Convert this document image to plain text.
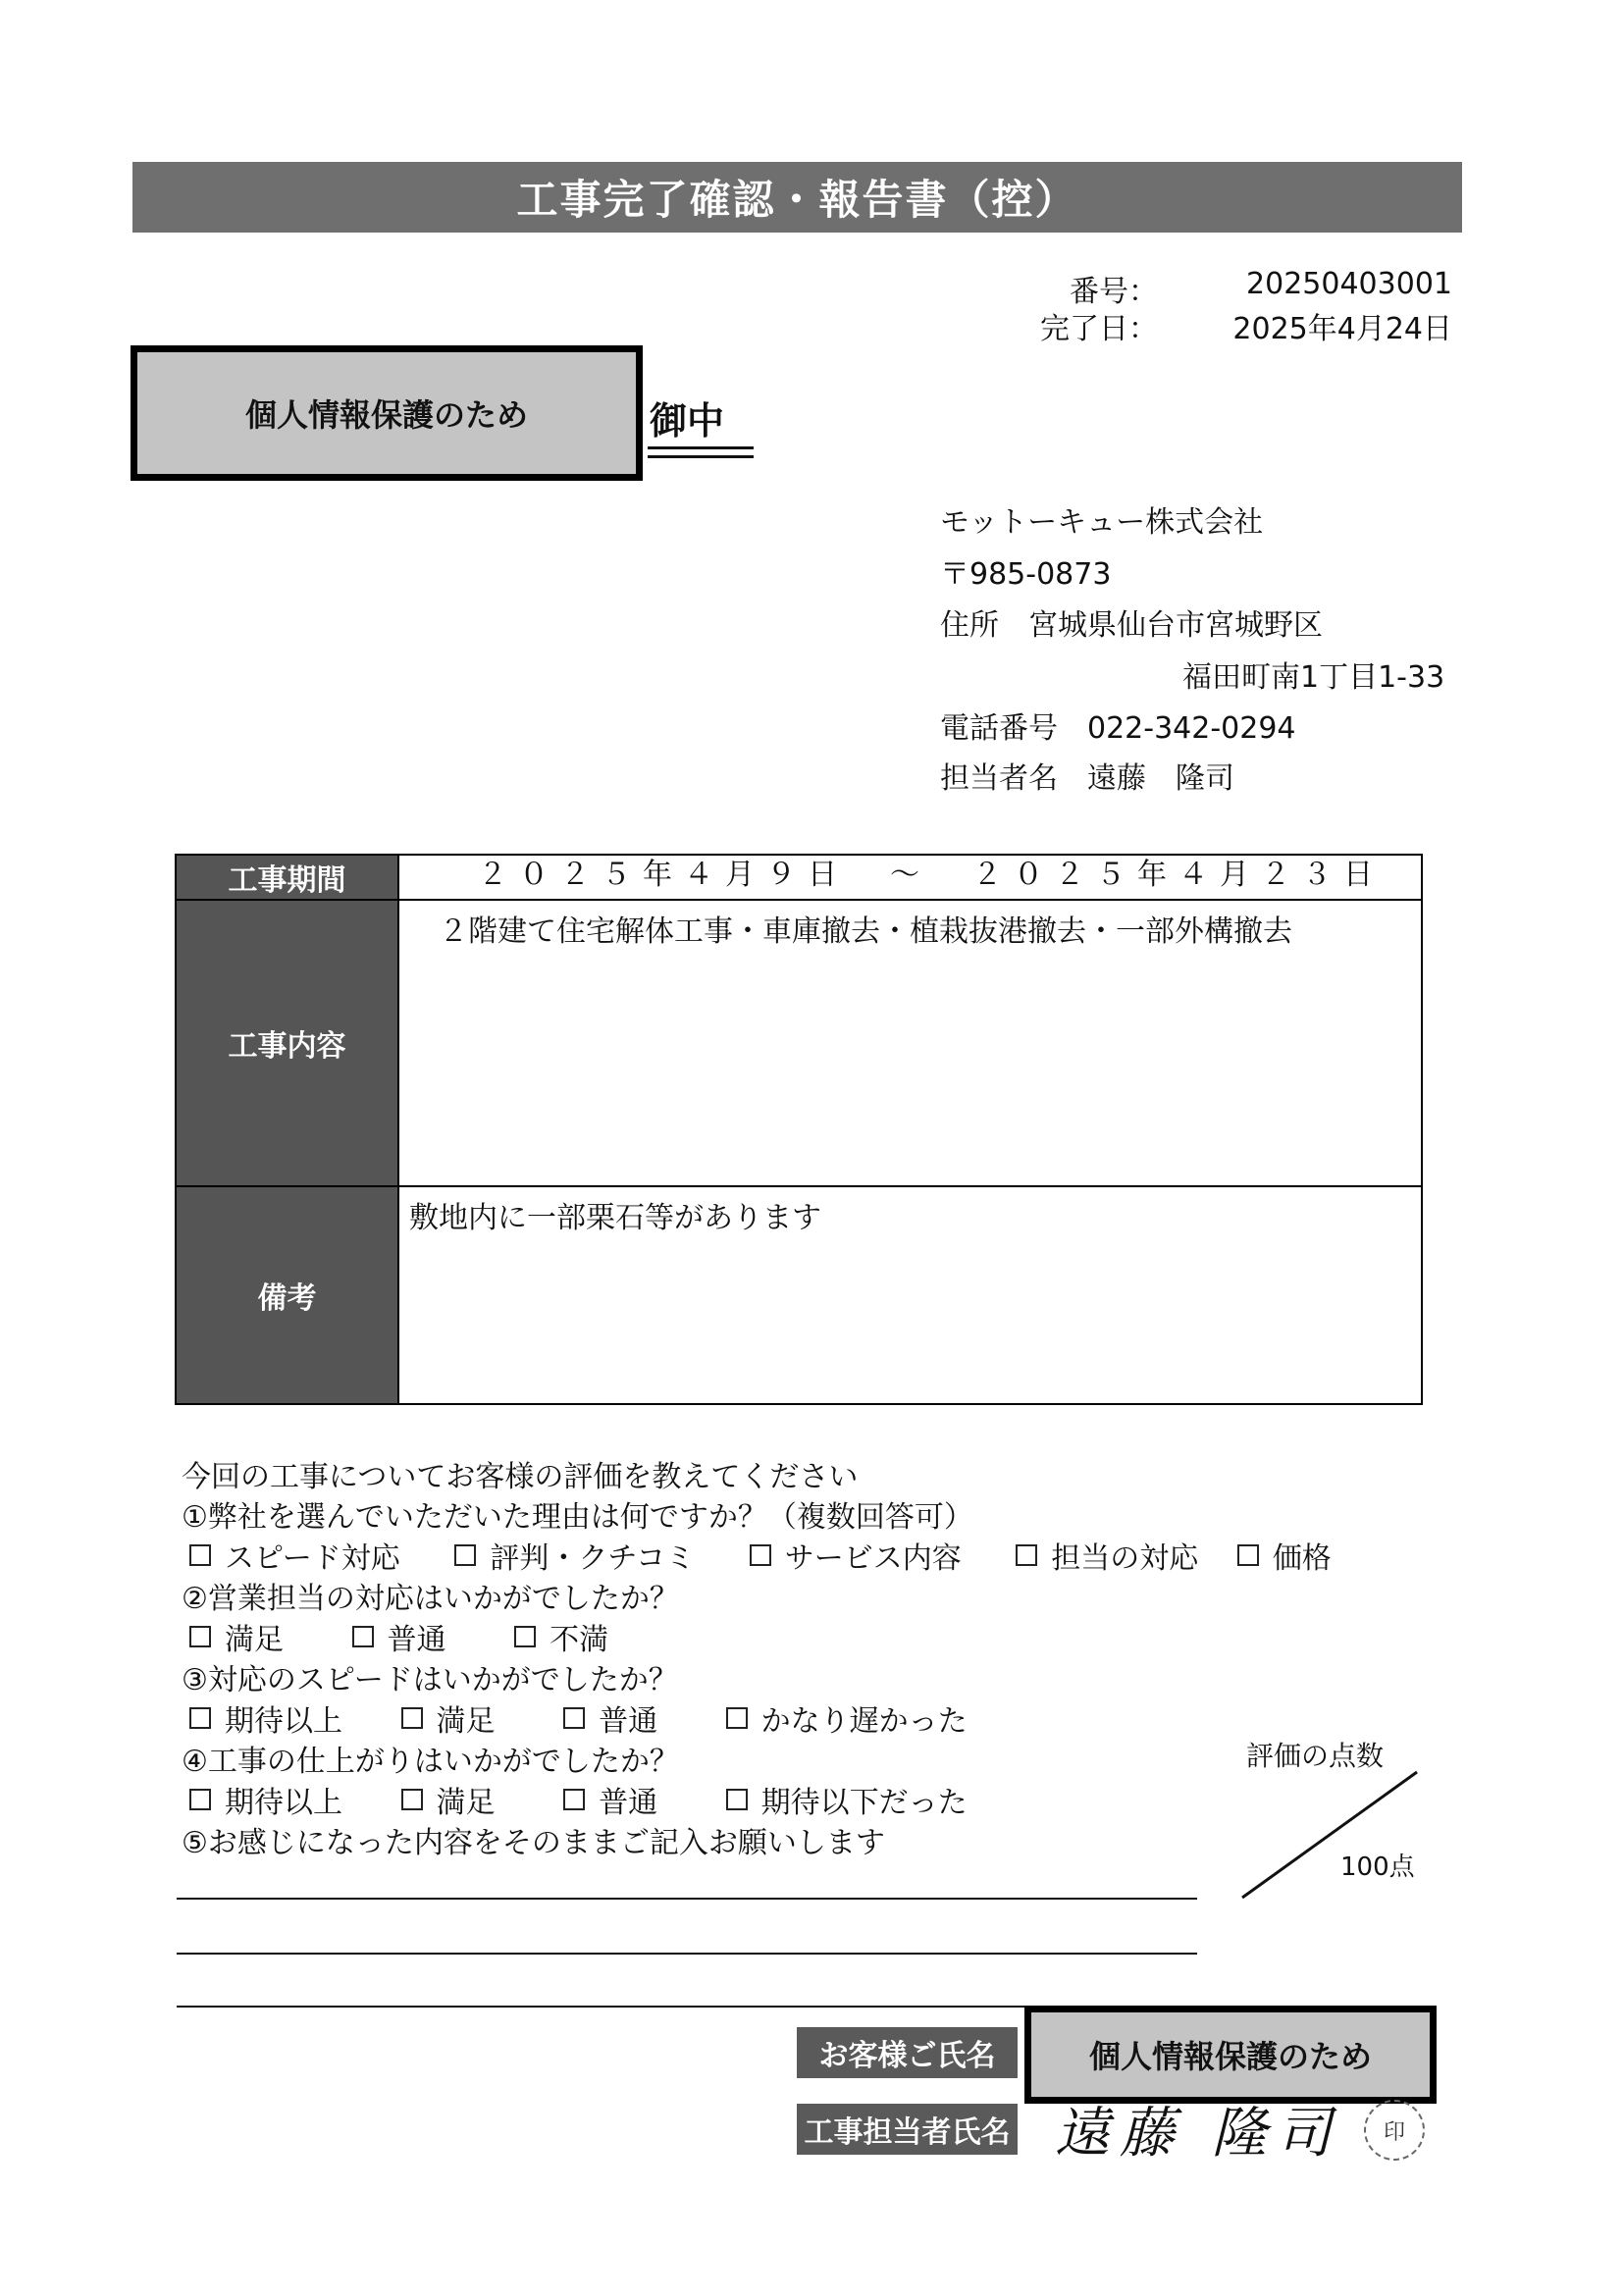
工事完了確認・報告書（控）
番号：	20250403001
完了日：	2025年4月24日
個人情報保護のため	御中
モットーキュー株式会社
〒985-0873
住所　宮城県仙台市宮城野区
福田町南1丁目1-33
電話番号　022-342-0294
担当者名　遠藤　隆司
工事期間	２０２５年４月９日　～　２０２５年４月２３日

工事内容	２階建て住宅解体工事・車庫撤去・植栽抜港撤去・一部外構撤去

備考	敷地内に一部栗石等があります
今回の工事についてお客様の評価を教えてください
①弊社を選んでいただいた理由は何ですか？（複数回答可）
スピード対応
	評判・クチコミ
	サービス内容
	担当の対応
	価格
②営業担当の対応はいかがでしたか？
満足
	普通
	不満
③対応のスピードはいかがでしたか？
期待以上
	満足
	普通
	かなり遅かった
④工事の仕上がりはいかがでしたか？
期待以上
	満足
	普通
	期待以下だった
⑤お感じになった内容をそのままご記入お願いします
評価の点数
100点
お客様ご氏名	個人情報保護のため
工事担当者氏名 遠藤 隆司	印
